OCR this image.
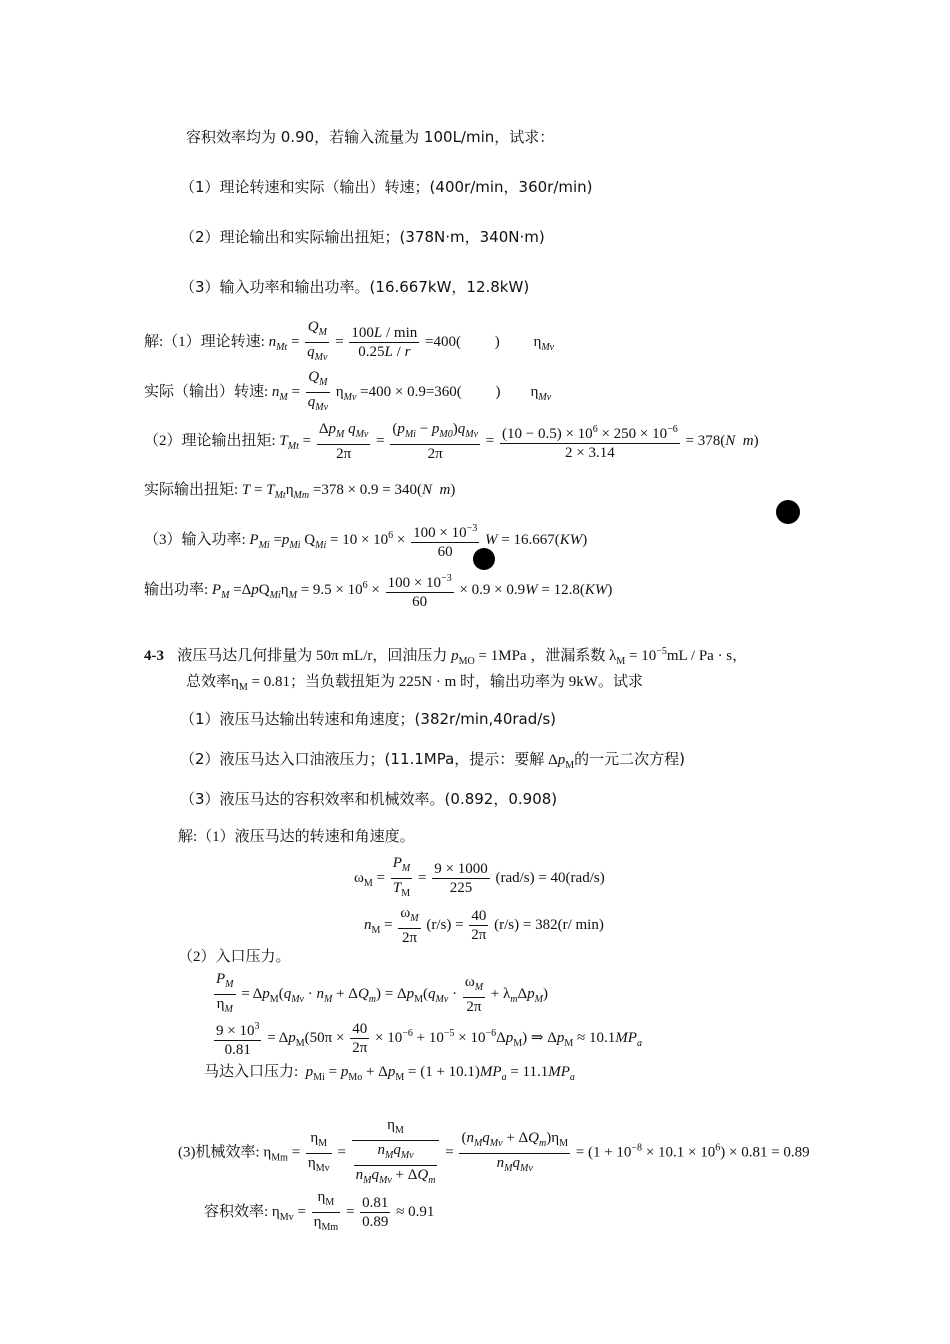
容积效率均为 0.90，若输入流量为 100L/min，试求：
（1）理论转速和实际（输出）转速；(400r/min，360r/min)
（2）理论输出和实际输出扭矩；(378N·m，340N·m)
（3）输入功率和输出功率。(16.667kW，12.8kW)
解:（1）理论转速: $n_{Mt} = \frac{Q_M}{q_{Mv}} = \frac{100L / \min}{0.25L / r} =400$(         )         $\eta_{Mv}$
实际（输出）转速: $n_M = \frac{Q_M}{q_{Mv}} \eta_{Mv} =400 \times 0.9=360$(         )        $\eta_{Mv}$
（2）理论输出扭矩: $T_{Mt} = \frac{\Delta p_M q_{Mv}}{2\pi} = \frac{(p_{Mi} - p_{M0})q_{Mv}}{2\pi} = \frac{(10 - 0.5) \times 10^6 \times 250 \times 10^{-6}}{2 \times 3.14} = 378(N$ m)
实际输出扭矩: $T = T_{Mt}\eta_{Mm} =378 \times 0.9 = 340(N$ m)
（3）输入功率: $P_{Mi} =p_{Mi}$ $Q_{Mi} = 10 \times 10^6 \times \frac{100 \times 10^{-3}}{60}$ W = 16.667(KW)
输出功率: $P_M =\Delta pQ_{Mi}\eta_M = 9.5 \times 10^6 \times \frac{100 \times 10^{-3}}{60} \times 0.9 \times 0.9W = 12.8(KW)$
4-3   液压马达几何排量为 50π mL/r，回油压力 $p_{MO} = 1MPa$ ，泄漏系数 $\lambda_M = 10^{-5}mL / Pa \cdot s$，
总效率$\eta_M = 0.81$；当负载扭矩为 225N · m 时，输出功率为 9kW。试求
（1）液压马达输出转速和角速度；(382r/min,40rad/s)
（2）液压马达入口油液压力；(11.1MPa，提示：要解 $\Delta p_M$的一元二次方程)
（3）液压马达的容积效率和机械效率。(0.892，0.908)
解:（1）液压马达的转速和角速度。
$\omega_M = \frac{P_M}{T_M} = \frac{9 \times 1000}{225} (rad/s) = 40(rad/s)$
$n_M = \frac{\omega_M}{2\pi} (r/s) = \frac{40}{2\pi} (r/s) = 382(r/$ min)
（2）入口压力。
$\frac{P_M}{\eta_M} = \Delta p_M(q_{Mv} \cdot n_M + \Delta Q_m) = \Delta p_M(q_{Mv} \cdot \frac{\omega_M}{2\pi} + \lambda_m\Delta p_M)$
$\frac{9 \times 10^3}{0.81} = \Delta p_M(50\pi \times \frac{40}{2\pi} \times 10^{-6} + 10^{-5} \times 10^{-6}\Delta p_M)$ ⇒ $\Delta p_M \approx 10.1MP_a$
马达入口压力: $p_{Mi} = p_{Mo} + \Delta p_M = (1 + 10.1)MP_a = 11.1MP_a$
(3)机械效率: $\eta_{Mm} = \frac{\eta_M}{\eta_{Mv}} = \frac{\eta_M}{\frac{n_Mq_{Mv}}{n_Mq_{Mv} + \Delta Q_m}} = \frac{(n_Mq_{Mv} + \Delta Q_m)\eta_M}{n_Mq_{Mv}} = (1 + 10^{-8} \times 10.1 \times 10^6) \times 0.81 = 0.89$
容积效率: $\eta_{Mv} = \frac{\eta_M}{\eta_{Mm}} = \frac{0.81}{0.89} \approx 0.91$
